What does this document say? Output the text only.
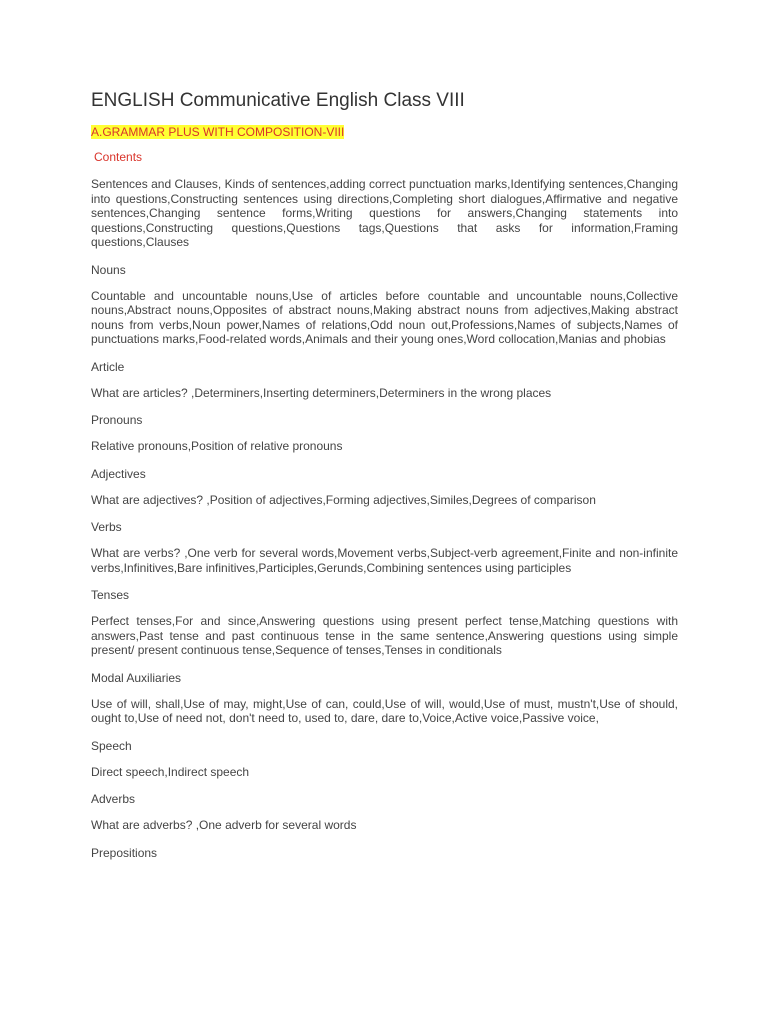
ENGLISH Communicative English Class VIII
A.GRAMMAR PLUS WITH COMPOSITION-VIII
Contents

Sentences and Clauses, Kinds of sentences,adding correct punctuation marks,Identifying sentences,Changing into questions,Constructing sentences using directions,Completing short dialogues,Affirmative and negative sentences,Changing sentence forms,Writing questions for answers,Changing statements into questions,Constructing questions,Questions tags,Questions that asks for information,Framing questions,Clauses

Nouns

Countable and uncountable nouns,Use of articles before countable and uncountable nouns,Collective nouns,Abstract nouns,Opposites of abstract nouns,Making abstract nouns from adjectives,Making abstract nouns from verbs,Noun power,Names of relations,Odd noun out,Professions,Names of subjects,Names of punctuations marks,Food-related words,Animals and their young ones,Word collocation,Manias and phobias

Article

What are articles? ,Determiners,Inserting determiners,Determiners in the wrong places

Pronouns

Relative pronouns,Position of relative pronouns

Adjectives

What are adjectives? ,Position of adjectives,Forming adjectives,Similes,Degrees of comparison

Verbs

What are verbs? ,One verb for several words,Movement verbs,Subject-verb agreement,Finite and non-infinite verbs,Infinitives,Bare infinitives,Participles,Gerunds,Combining sentences using participles

Tenses

Perfect tenses,For and since,Answering questions using present perfect tense,Matching questions with answers,Past tense and past continuous tense in the same sentence,Answering questions using simple present/ present continuous tense,Sequence of tenses,Tenses in conditionals

Modal Auxiliaries

Use of will, shall,Use of may, might,Use of can, could,Use of will, would,Use of must, mustn't,Use of should, ought to,Use of need not, don't need to, used to, dare, dare to,Voice,Active voice,Passive voice,

Speech

Direct speech,Indirect speech

Adverbs

What are adverbs? ,One adverb for several words

Prepositions
